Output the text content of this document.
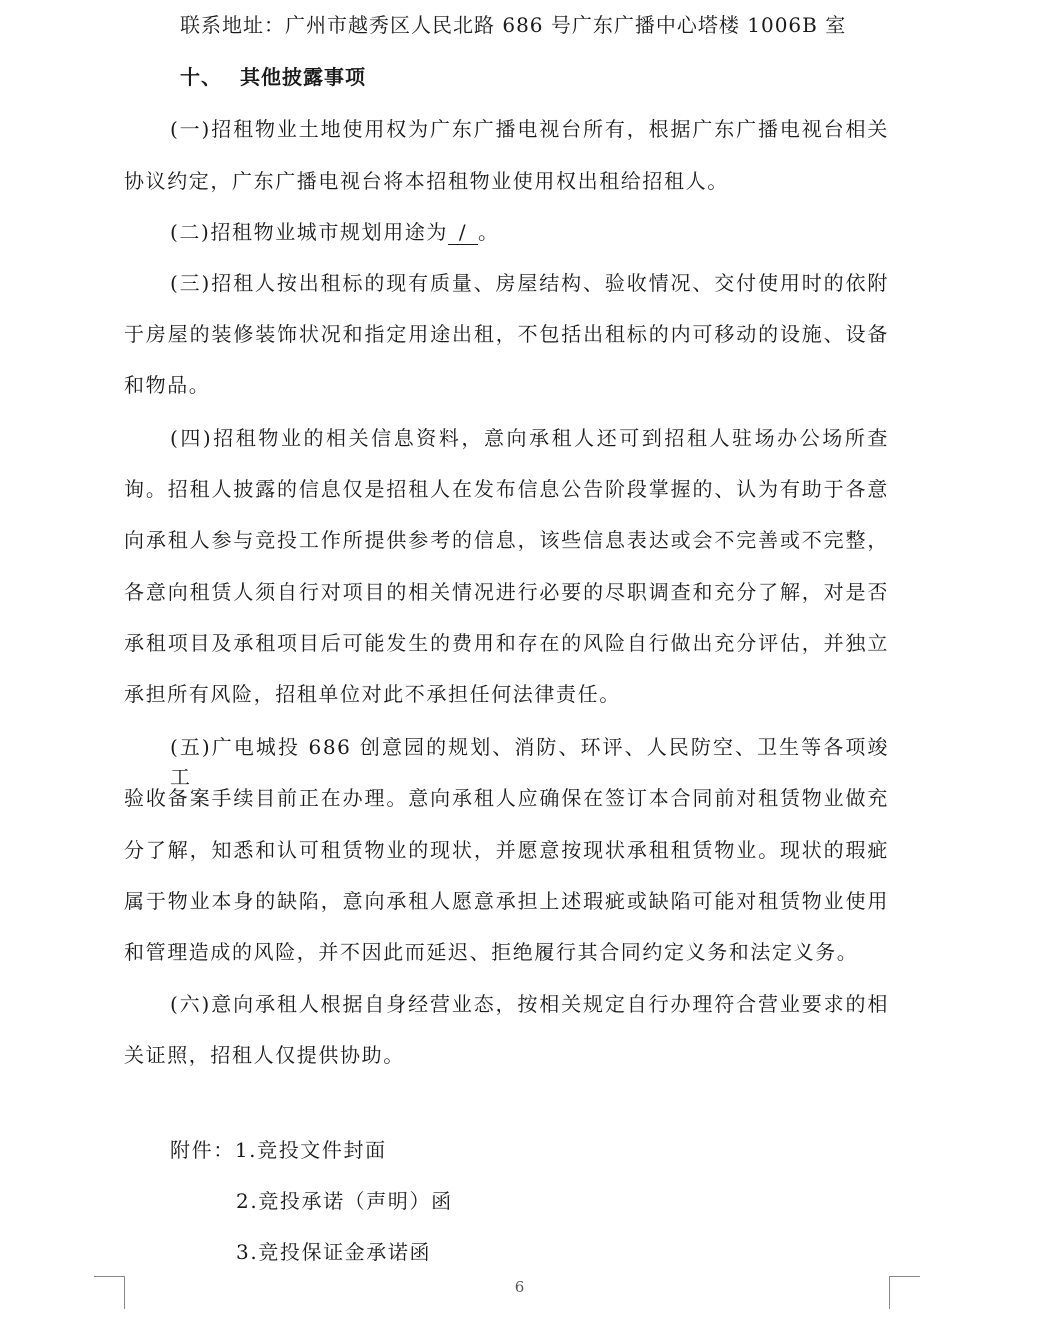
联系地址：广州市越秀区人民北路 686 号广东广播中心塔楼 1006B 室
十、 其他披露事项
(一)招租物业土地使用权为广东广播电视台所有，根据广东广播电视台相关
协议约定，广东广播电视台将本招租物业使用权出租给招租人。
(二)招租物业城市规划用途为 / 。
(三)招租人按出租标的现有质量、房屋结构、验收情况、交付使用时的依附
于房屋的装修装饰状况和指定用途出租，不包括出租标的内可移动的设施、设备
和物品。
(四)招租物业的相关信息资料，意向承租人还可到招租人驻场办公场所查
询。招租人披露的信息仅是招租人在发布信息公告阶段掌握的、认为有助于各意
向承租人参与竞投工作所提供参考的信息，该些信息表达或会不完善或不完整，
各意向租赁人须自行对项目的相关情况进行必要的尽职调查和充分了解，对是否
承租项目及承租项目后可能发生的费用和存在的风险自行做出充分评估，并独立
承担所有风险，招租单位对此不承担任何法律责任。
(五)广电城投 686 创意园的规划、消防、环评、人民防空、卫生等各项竣工
验收备案手续目前正在办理。意向承租人应确保在签订本合同前对租赁物业做充
分了解，知悉和认可租赁物业的现状，并愿意按现状承租租赁物业。现状的瑕疵
属于物业本身的缺陷，意向承租人愿意承担上述瑕疵或缺陷可能对租赁物业使用
和管理造成的风险，并不因此而延迟、拒绝履行其合同约定义务和法定义务。
(六)意向承租人根据自身经营业态，按相关规定自行办理符合营业要求的相
关证照，招租人仅提供协助。
附件：1.竞投文件封面
2.竞投承诺（声明）函
3.竞投保证金承诺函
6
